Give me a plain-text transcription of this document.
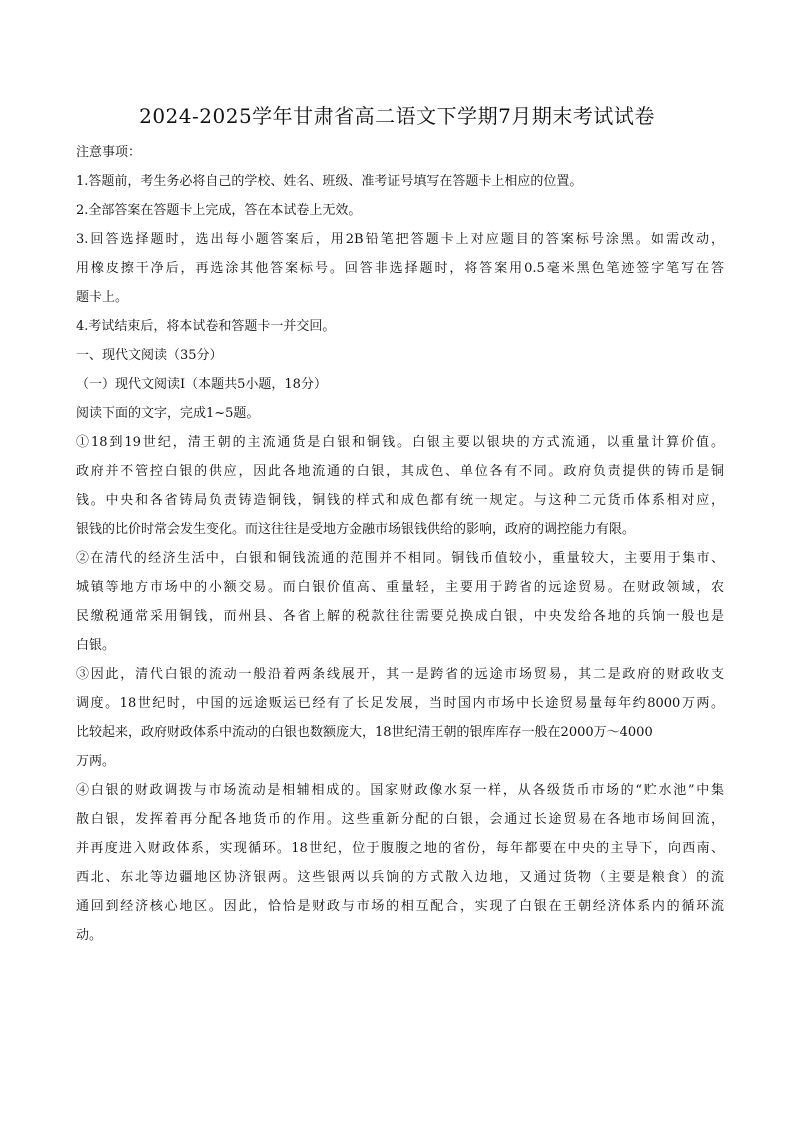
2024-2025学年甘肃省高二语文下学期7月期末考试试卷
注意事项：
1.答题前，考生务必将自己的学校、姓名、班级、准考证号填写在答题卡上相应的位置。
2.全部答案在答题卡上完成，答在本试卷上无效。
3.回答选择题时，选出每小题答案后，用2B铅笔把答题卡上对应题目的答案标号涂黑。如需改动，
用橡皮擦干净后，再选涂其他答案标号。回答非选择题时，将答案用0.5毫米黑色笔迹签字笔写在答
题卡上。
4.考试结束后，将本试卷和答题卡一并交回。
一、现代文阅读（35分）
（一）现代文阅读I（本题共5小题，18分）
阅读下面的文字，完成1~5题。
①18到19世纪，清王朝的主流通货是白银和铜钱。白银主要以银块的方式流通，以重量计算价值。
政府并不管控白银的供应，因此各地流通的白银，其成色、单位各有不同。政府负责提供的铸币是铜
钱。中央和各省铸局负责铸造铜钱，铜钱的样式和成色都有统一规定。与这种二元货币体系相对应，
银钱的比价时常会发生变化。而这往往是受地方金融市场银钱供给的影响，政府的调控能力有限。
②在清代的经济生活中，白银和铜钱流通的范围并不相同。铜钱币值较小，重量较大，主要用于集市、
城镇等地方市场中的小额交易。而白银价值高、重量轻，主要用于跨省的远途贸易。在财政领域，农
民缴税通常采用铜钱，而州县、各省上解的税款往往需要兑换成白银，中央发给各地的兵饷一般也是
白银。
③因此，清代白银的流动一般沿着两条线展开，其一是跨省的远途市场贸易，其二是政府的财政收支
调度。18世纪时，中国的远途贩运已经有了长足发展，当时国内市场中长途贸易量每年约8000万两。
比较起来，政府财政体系中流动的白银也数额庞大，18世纪清王朝的银库库存一般在2000万～4000
万两。
④白银的财政调拨与市场流动是相辅相成的。国家财政像水泵一样，从各级货币市场的“贮水池”中集
散白银，发挥着再分配各地货币的作用。这些重新分配的白银，会通过长途贸易在各地市场间回流，
并再度进入财政体系，实现循环。18世纪，位于腹腹之地的省份，每年都要在中央的主导下，向西南、
西北、东北等边疆地区协济银两。这些银两以兵饷的方式散入边地，又通过货物（主要是粮食）的流
通回到经济核心地区。因此，恰恰是财政与市场的相互配合，实现了白银在王朝经济体系内的循环流
动。
